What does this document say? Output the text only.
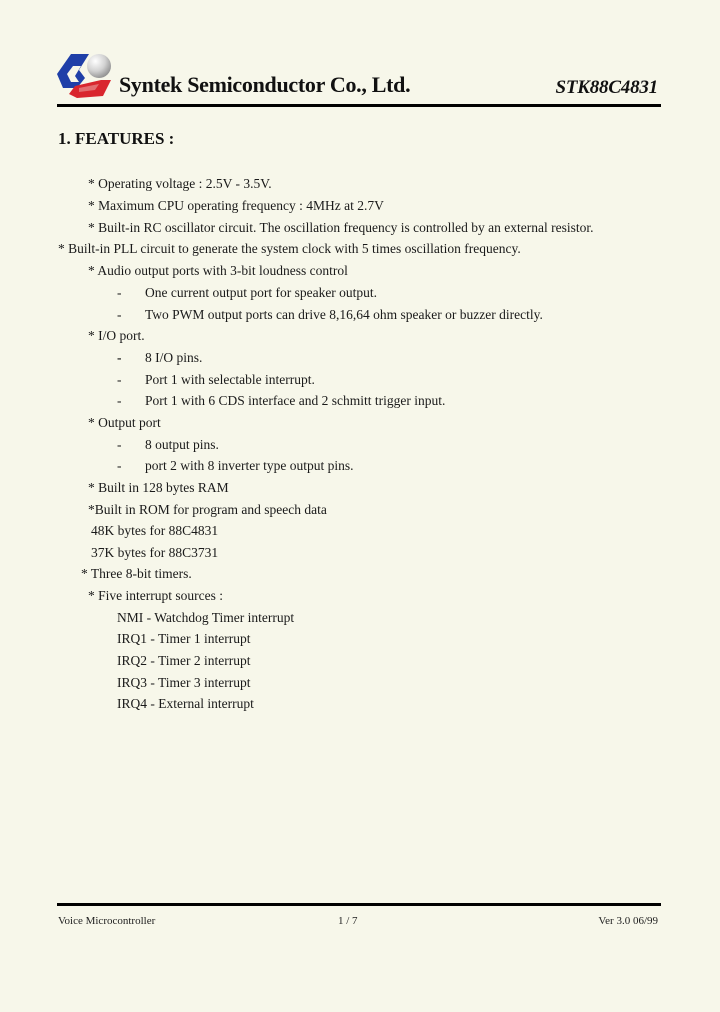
Syntek Semiconductor Co., Ltd.	STK88C4831
1. FEATURES :
* Operating voltage : 2.5V - 3.5V.
* Maximum CPU operating frequency : 4MHz at 2.7V
* Built-in RC oscillator circuit. The oscillation frequency is controlled by an external resistor.
* Built-in PLL circuit to generate the system clock with 5 times oscillation frequency.
* Audio output ports with 3-bit loudness control
- One current output port for speaker output.
- Two PWM output ports can drive 8,16,64 ohm speaker or buzzer directly.
* I/O port.
- 8 I/O pins.
- Port 1 with selectable interrupt.
- Port 1 with 6 CDS interface and 2 schmitt trigger input.
* Output port
- 8 output pins.
- port 2 with 8 inverter type output pins.
* Built in 128 bytes RAM
*Built in ROM for program and speech data
48K bytes for 88C4831
37K bytes for 88C3731
* Three 8-bit timers.
* Five interrupt sources :
NMI - Watchdog Timer interrupt
IRQ1 - Timer 1 interrupt
IRQ2 - Timer 2 interrupt
IRQ3 - Timer 3 interrupt
IRQ4 - External interrupt
Voice Microcontroller	1 / 7	Ver 3.0 06/99
